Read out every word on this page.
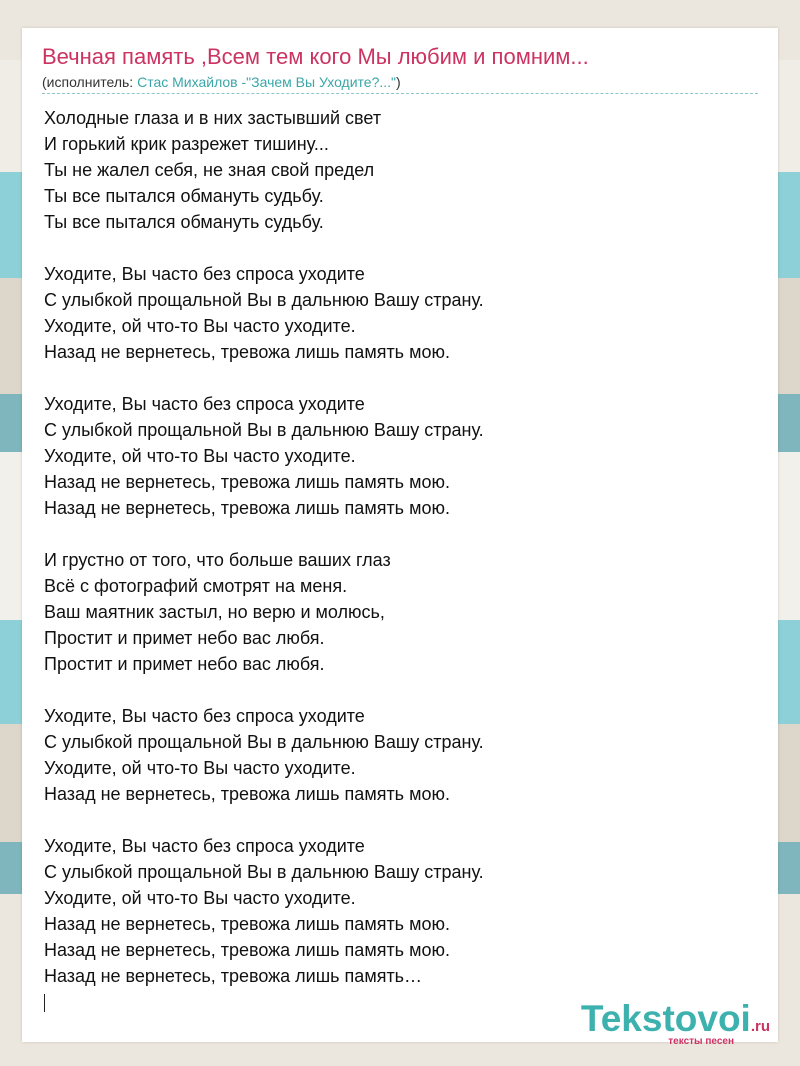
Вечная память ,Всем тем кого Мы любим и помним...
(исполнитель: Стас Михайлов -"Зачем Вы Уходите?...")
Холодные глаза и в них застывший свет
И горький крик разрежет тишину...
Ты не жалел себя, не зная свой предел
Ты все пытался обмануть судьбу.
Ты все пытался обмануть судьбу.
Уходите, Вы часто без спроса уходите
С улыбкой прощальной Вы в дальнюю Вашу страну.
Уходите, ой что-то Вы часто уходите.
Назад не вернетесь, тревожа лишь память мою.
Уходите, Вы часто без спроса уходите
С улыбкой прощальной Вы в дальнюю Вашу страну.
Уходите, ой что-то Вы часто уходите.
Назад не вернетесь, тревожа лишь память мою.
Назад не вернетесь, тревожа лишь память мою.
И грустно от того, что больше ваших глаз
Всё с фотографий смотрят на меня.
Ваш маятник застыл, но верю и молюсь,
Простит и примет небо вас любя.
Простит и примет небо вас любя.
Уходите, Вы часто без спроса уходите
С улыбкой прощальной Вы в дальнюю Вашу страну.
Уходите, ой что-то Вы часто уходите.
Назад не вернетесь, тревожа лишь память мою.
Уходите, Вы часто без спроса уходите
С улыбкой прощальной Вы в дальнюю Вашу страну.
Уходите, ой что-то Вы часто уходите.
Назад не вернетесь, тревожа лишь память мою.
Назад не вернетесь, тревожа лишь память мою.
Назад не вернетесь, тревожа лишь память…
Tekstovoi.ru
тексты песен
